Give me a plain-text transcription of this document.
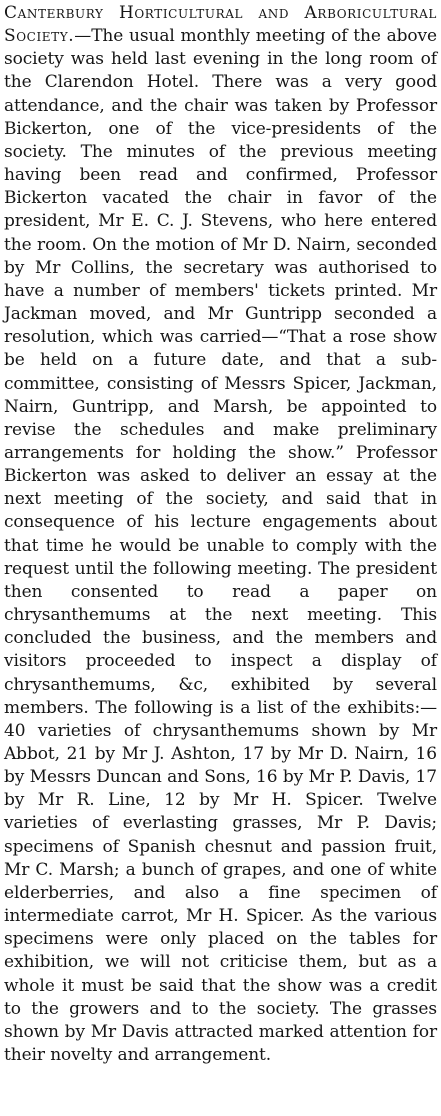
Canterbury Horticultural and Arboricultural Society.—The usual monthly meeting of the above society was held last evening in the long room of the Clarendon Hotel. There was a very good attendance, and the chair was taken by Professor Bickerton, one of the vice-presidents of the society. The minutes of the previous meeting having been read and confirmed, Professor Bickerton vacated the chair in favor of the president, Mr E. C. J. Stevens, who here entered the room. On the motion of Mr D. Nairn, seconded by Mr Collins, the secretary was authorised to have a number of members' tickets printed. Mr Jackman moved, and Mr Guntripp seconded a resolution, which was carried—“That a rose show be held on a future date, and that a sub-committee, consisting of Messrs Spicer, Jackman, Nairn, Guntripp, and Marsh, be appointed to revise the schedules and make preliminary arrangements for holding the show.” Professor Bickerton was asked to deliver an essay at the next meeting of the society, and said that in consequence of his lecture engagements about that time he would be unable to comply with the request until the following meeting. The president then consented to read a paper on chrysanthemums at the next meeting. This concluded the business, and the members and visitors proceeded to inspect a display of chrysanthemums, &c, exhibited by several members. The following is a list of the exhibits:—40 varieties of chrysanthemums shown by Mr Abbot, 21 by Mr J. Ashton, 17 by Mr D. Nairn, 16 by Messrs Duncan and Sons, 16 by Mr P. Davis, 17 by Mr R. Line, 12 by Mr H. Spicer. Twelve varieties of everlasting grasses, Mr P. Davis; specimens of Spanish chesnut and passion fruit, Mr C. Marsh; a bunch of grapes, and one of white elderberries, and also a fine specimen of intermediate carrot, Mr H. Spicer. As the various specimens were only placed on the tables for exhibition, we will not criticise them, but as a whole it must be said that the show was a credit to the growers and to the society. The grasses shown by Mr Davis attracted marked attention for their novelty and arrangement.
